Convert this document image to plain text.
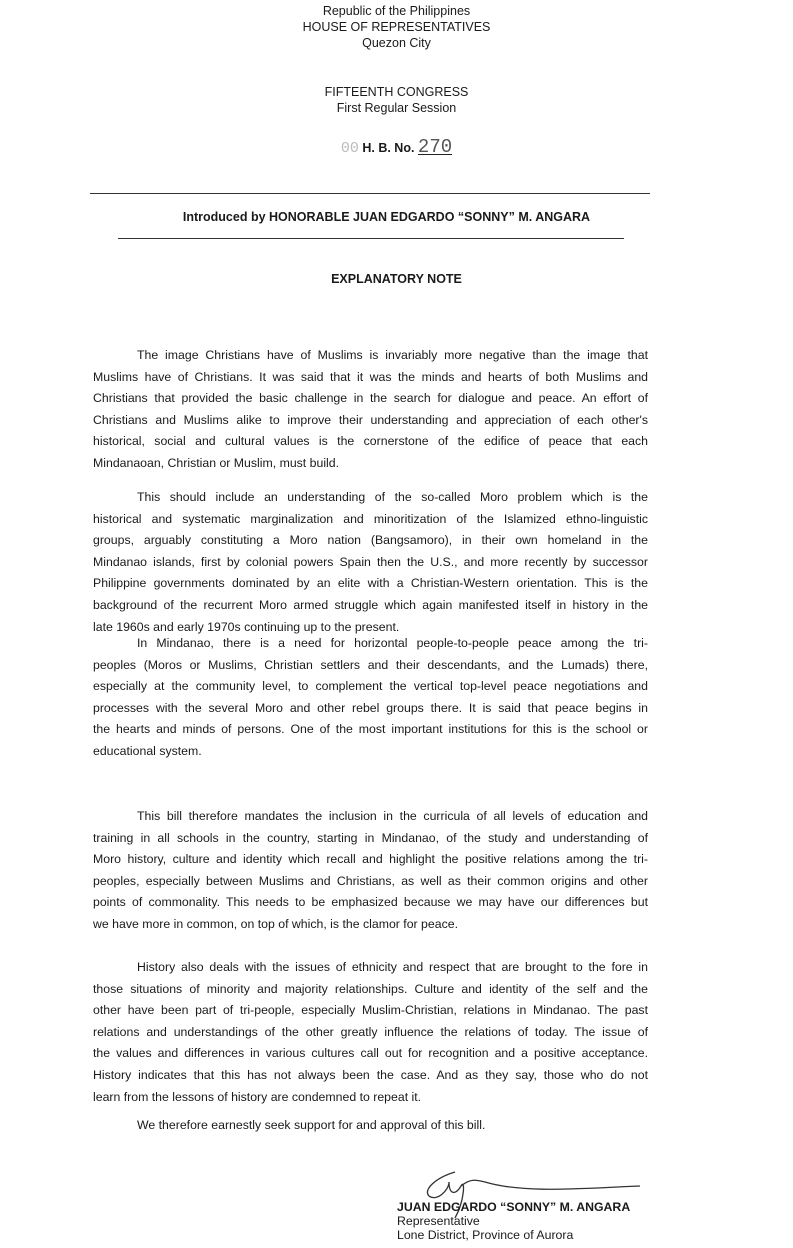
Republic of the Philippines
HOUSE OF REPRESENTATIVES
Quezon City
FIFTEENTH CONGRESS
First Regular Session
00 H. B. No. 270
Introduced by HONORABLE JUAN EDGARDO “SONNY” M. ANGARA
EXPLANATORY NOTE
The image Christians have of Muslims is invariably more negative than the image that
Muslims have of Christians. It was said that it was the minds and hearts of both Muslims and
Christians that provided the basic challenge in the search for dialogue and peace. An effort of
Christians and Muslims alike to improve their understanding and appreciation of each other's
historical, social and cultural values is the cornerstone of the edifice of peace that each
Mindanaoan, Christian or Muslim, must build.
This should include an understanding of the so-called Moro problem which is the
historical and systematic marginalization and minoritization of the Islamized ethno-linguistic
groups, arguably constituting a Moro nation (Bangsamoro), in their own homeland in the
Mindanao islands, first by colonial powers Spain then the U.S., and more recently by successor
Philippine governments dominated by an elite with a Christian-Western orientation. This is the
background of the recurrent Moro armed struggle which again manifested itself in history in the
late 1960s and early 1970s continuing up to the present.
In Mindanao, there is a need for horizontal people-to-people peace among the tri-
peoples (Moros or Muslims, Christian settlers and their descendants, and the Lumads) there,
especially at the community level, to complement the vertical top-level peace negotiations and
processes with the several Moro and other rebel groups there. It is said that peace begins in
the hearts and minds of persons. One of the most important institutions for this is the school or
educational system.
This bill therefore mandates the inclusion in the curricula of all levels of education and
training in all schools in the country, starting in Mindanao, of the study and understanding of
Moro history, culture and identity which recall and highlight the positive relations among the tri-
peoples, especially between Muslims and Christians, as well as their common origins and other
points of commonality. This needs to be emphasized because we may have our differences but
we have more in common, on top of which, is the clamor for peace.
History also deals with the issues of ethnicity and respect that are brought to the fore in
those situations of minority and majority relationships. Culture and identity of the self and the
other have been part of tri-people, especially Muslim-Christian, relations in Mindanao. The past
relations and understandings of the other greatly influence the relations of today. The issue of
the values and differences in various cultures call out for recognition and a positive acceptance.
History indicates that this has not always been the case. And as they say, those who do not
learn from the lessons of history are condemned to repeat it.
We therefore earnestly seek support for and approval of this bill.
JUAN EDGARDO “SONNY” M. ANGARA
Representative
Lone District, Province of Aurora
